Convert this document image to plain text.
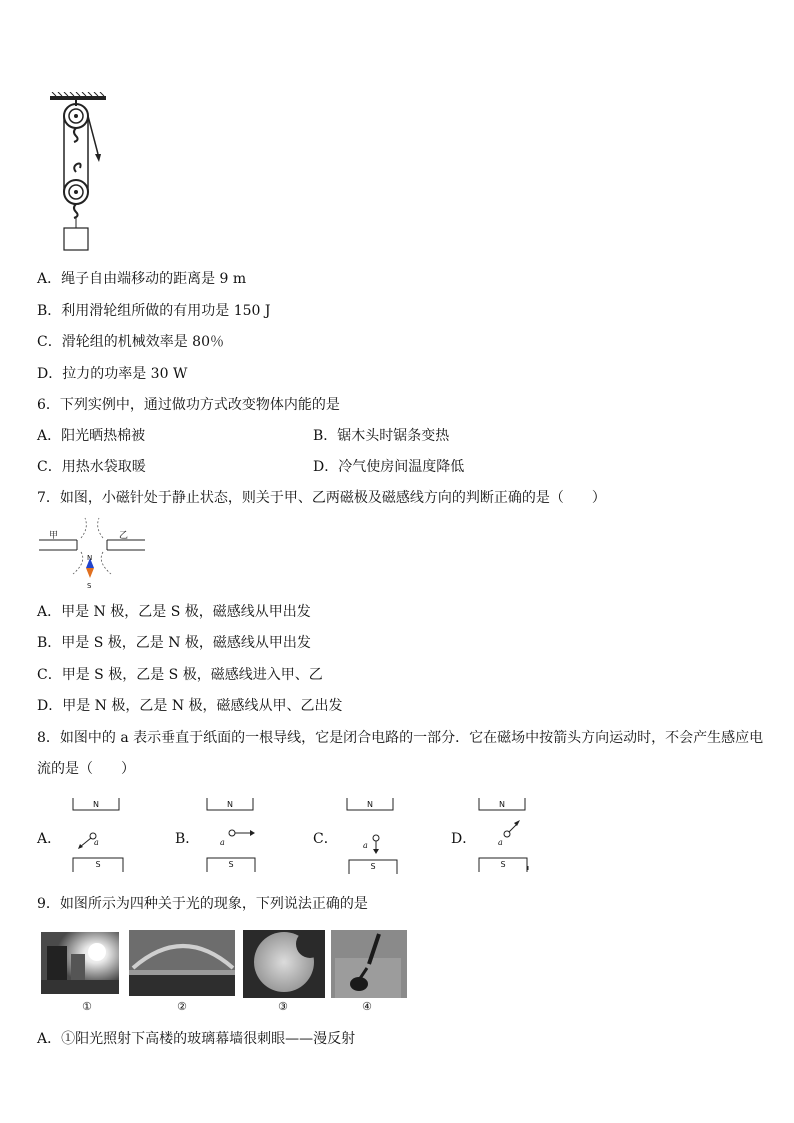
A．绳子自由端移动的距离是 9 m
B．利用滑轮组所做的有用功是 150 J
C．滑轮组的机械效率是 80％
D．拉力的功率是 30 W
6．下列实例中，通过做功方式改变物体内能的是
A．阳光晒热棉被	B．锯木头时锯条变热
C．用热水袋取暖	D．冷气使房间温度降低
7．如图，小磁针处于静止状态，则关于甲、乙两磁极及磁感线方向的判断正确的是（　　）
甲	乙
N
S
A．甲是 N 极，乙是 S 极，磁感线从甲出发
B．甲是 S 极，乙是 N 极，磁感线从甲出发
C．甲是 S 极，乙是 S 极，磁感线进入甲、乙
D．甲是 N 极，乙是 N 极，磁感线从甲、乙出发
8．如图中的 a 表示垂直于纸面的一根导线，它是闭合电路的一部分．它在磁场中按箭头方向运动时，不会产生感应电
流的是（　　）
A．
N
S
a	B．
N
S
a	C．
N
S
a	D．
N
S
a
9．如图所示为四种关于光的现象，下列说法正确的是
①	②	③	④
A．①阳光照射下高楼的玻璃幕墙很刺眼——漫反射
